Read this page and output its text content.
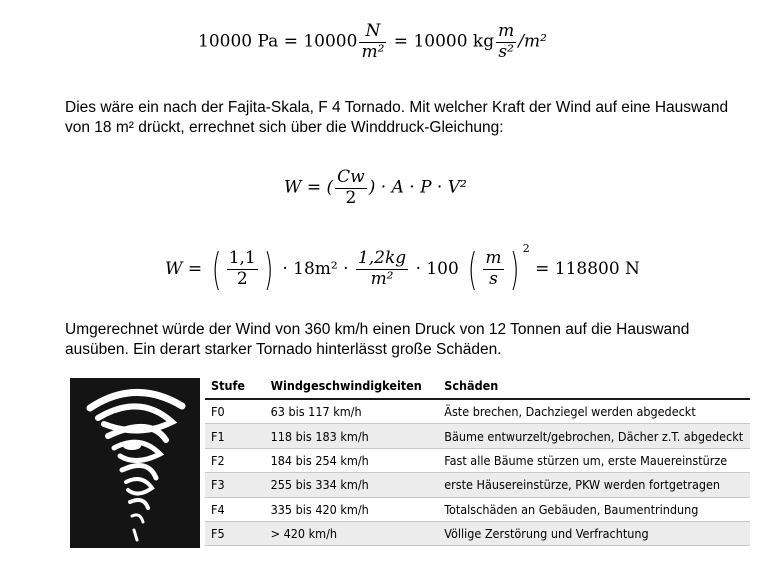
10000 $Pa = 10000 \frac{N}{\text{m²}} = 10000$ kg $\frac{m}{\text{s²}} /m^2$
Dies wäre ein nach der Fajita-Skala, F 4 Tornado. Mit welcher Kraft der Wind auf eine Hauswand von 18 m² drückt, errechnet sich über die Winddruck-Gleichung:
W = ( $\frac{Cw}{2}$ ) · A · P · V²
W = ( $\frac{1,1}{2}$ ) · $18m^2 \cdot \frac{1,2kg}{\text{m²}} \cdot 100$ ( $\frac{m}{s}$ ) $^2$ = 118800 N
Umgerechnet würde der Wind von 360 km/h einen Druck von 12 Tonnen auf die Hauswand ausüben. Ein derart starker Tornado hinterlässt große Schäden.
Stufe	Windgeschwindigkeiten	Schäden
F0	63 bis 117 km/h	Äste brechen, Dachziegel werden abgedeckt
F1	118 bis 183 km/h	Bäume entwurzelt/gebrochen, Dächer z.T. abgedeckt
F2	184 bis 254 km/h	Fast alle Bäume stürzen um, erste Mauereinstürze
F3	255 bis 334 km/h	erste Häusereinstürze, PKW werden fortgetragen
F4	335 bis 420 km/h	Totalschäden an Gebäuden, Baumentrindung
F5	> 420 km/h	Völlige Zerstörung und Verfrachtung
